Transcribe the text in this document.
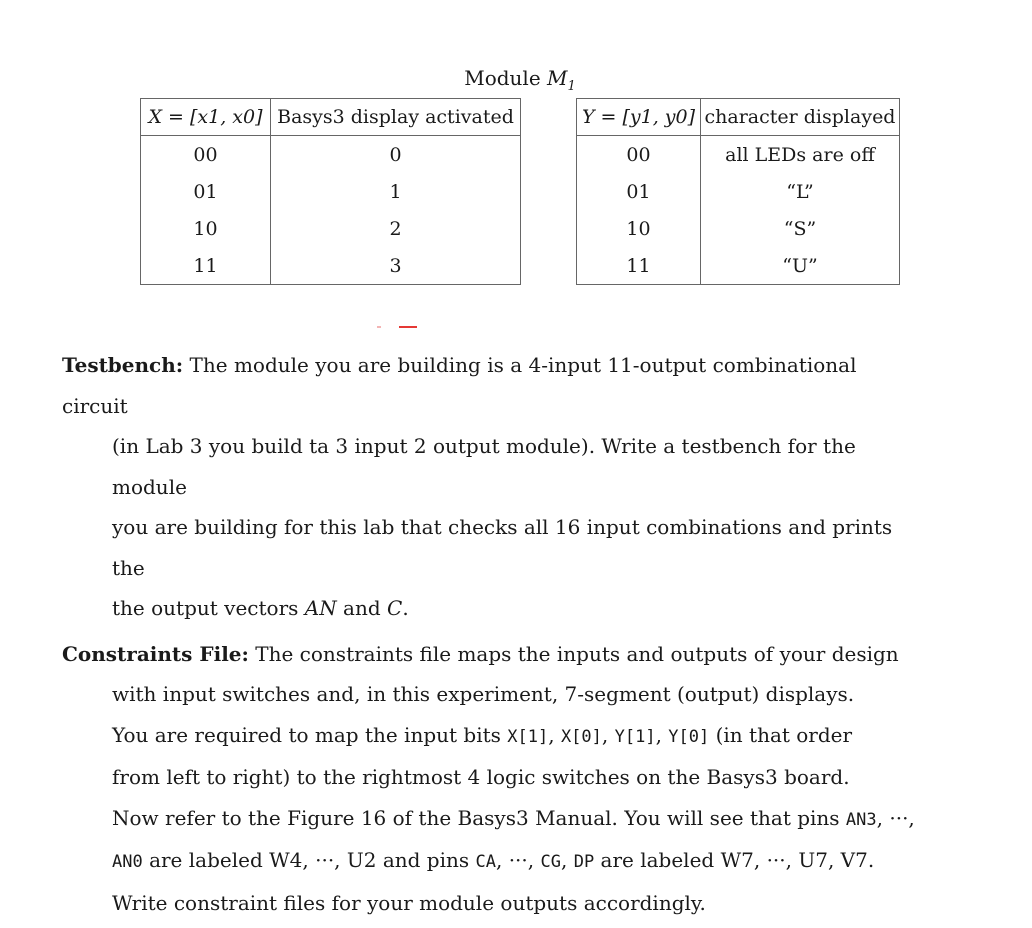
Module $M_1$
X = [x1, x0]	Basys3 display activated
00	0
01	1
10	2
11	3
Y = [y1, y0]	character displayed
00	all LEDs are off
01	“L”
10	“S”
11	“U”
Testbench: The module you are building is a 4-input 11-output combinational circuit
(in Lab 3 you build ta 3 input 2 output module). Write a testbench for the module
you are building for this lab that checks all 16 input combinations and prints the
the output vectors AN and C.
Constraints File: The constraints file maps the inputs and outputs of your design
with input switches and, in this experiment, 7-segment (output) displays.
You are required to map the input bits X[1], X[0], Y[1], Y[0] (in that order
from left to right) to the rightmost 4 logic switches on the Basys3 board.
Now refer to the Figure 16 of the Basys3 Manual. You will see that pins AN3, ···,
AN0 are labeled W4, ···, U2 and pins CA, ···, CG, DP are labeled W7, ···, U7, V7.
Write constraint files for your module outputs accordingly.
